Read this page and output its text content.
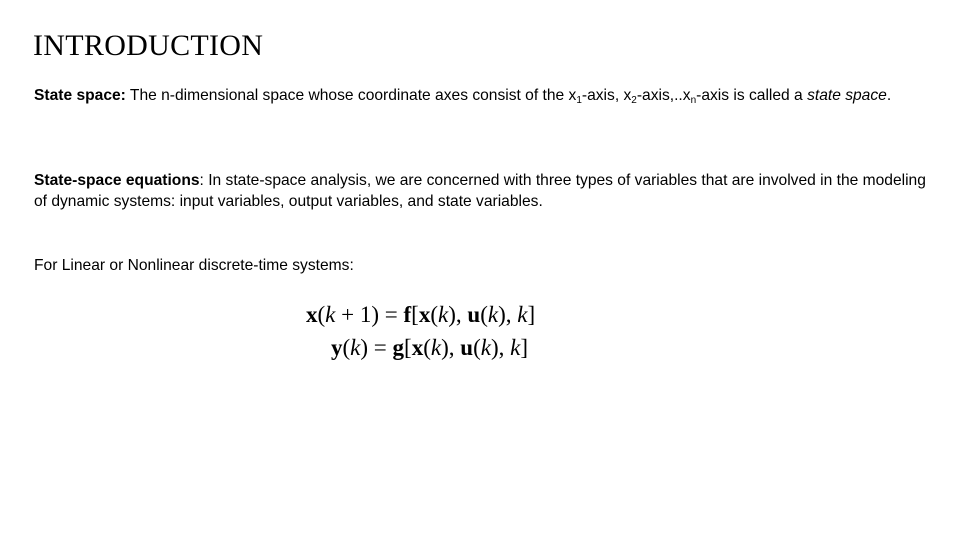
INTRODUCTION
State space: The n-dimensional space whose coordinate axes consist of the $x_1$-axis, $x_2-axis,..x_n$-axis is called a state space.
State-space equations: In state-space analysis, we are concerned with three types of variables that are involved in the modeling of dynamic systems: input variables, output variables, and state variables.
For Linear or Nonlinear discrete-time systems:
x(k + 1) = f[x(k), u(k), k]
y(k) = g[x(k), u(k), k]
